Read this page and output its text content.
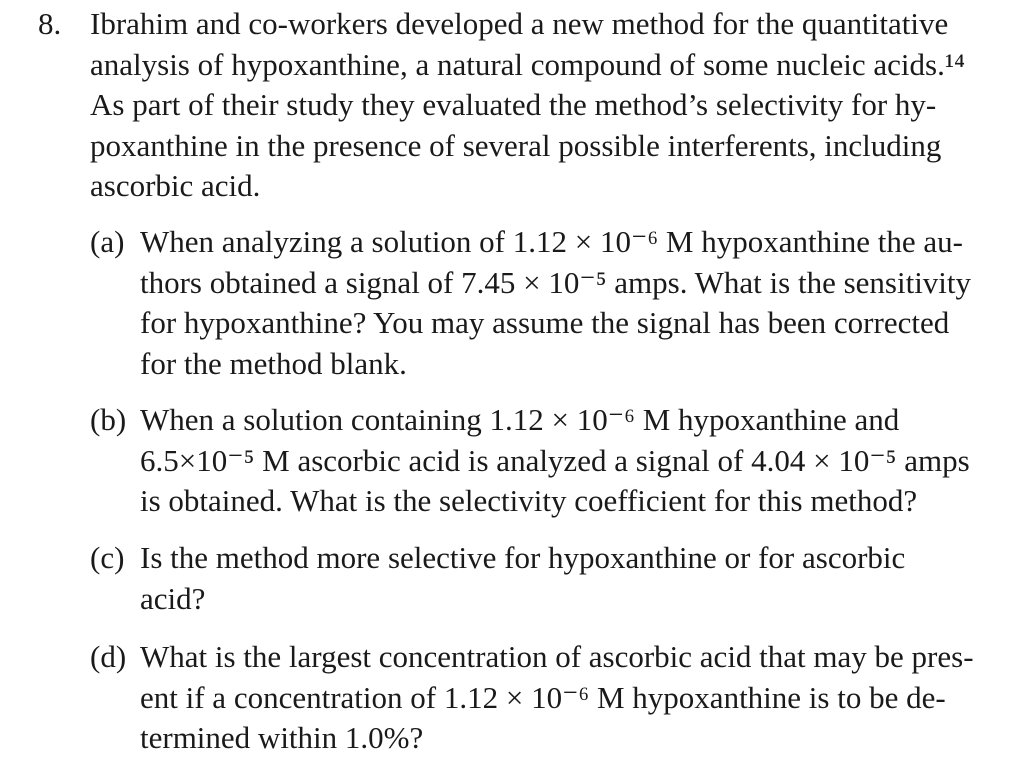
8. Ibrahim and co-workers developed a new method for the quantitative
analysis of hypoxanthine, a natural compound of some nucleic acids.¹⁴
As part of their study they evaluated the method’s selectivity for hy-
poxanthine in the presence of several possible interferents, including
ascorbic acid.

(a) When analyzing a solution of 1.12 × 10⁻⁶ M hypoxanthine the au-
thors obtained a signal of 7.45 × 10⁻⁵ amps. What is the sensitivity
for hypoxanthine? You may assume the signal has been corrected
for the method blank.
(b) When a solution containing 1.12 × 10⁻⁶ M hypoxanthine and
6.5×10⁻⁵ M ascorbic acid is analyzed a signal of 4.04 × 10⁻⁵ amps
is obtained. What is the selectivity coefficient for this method?
(c) Is the method more selective for hypoxanthine or for ascorbic
acid?
(d) What is the largest concentration of ascorbic acid that may be pres-
ent if a concentration of 1.12 × 10⁻⁶ M hypoxanthine is to be de-
termined within 1.0%?
